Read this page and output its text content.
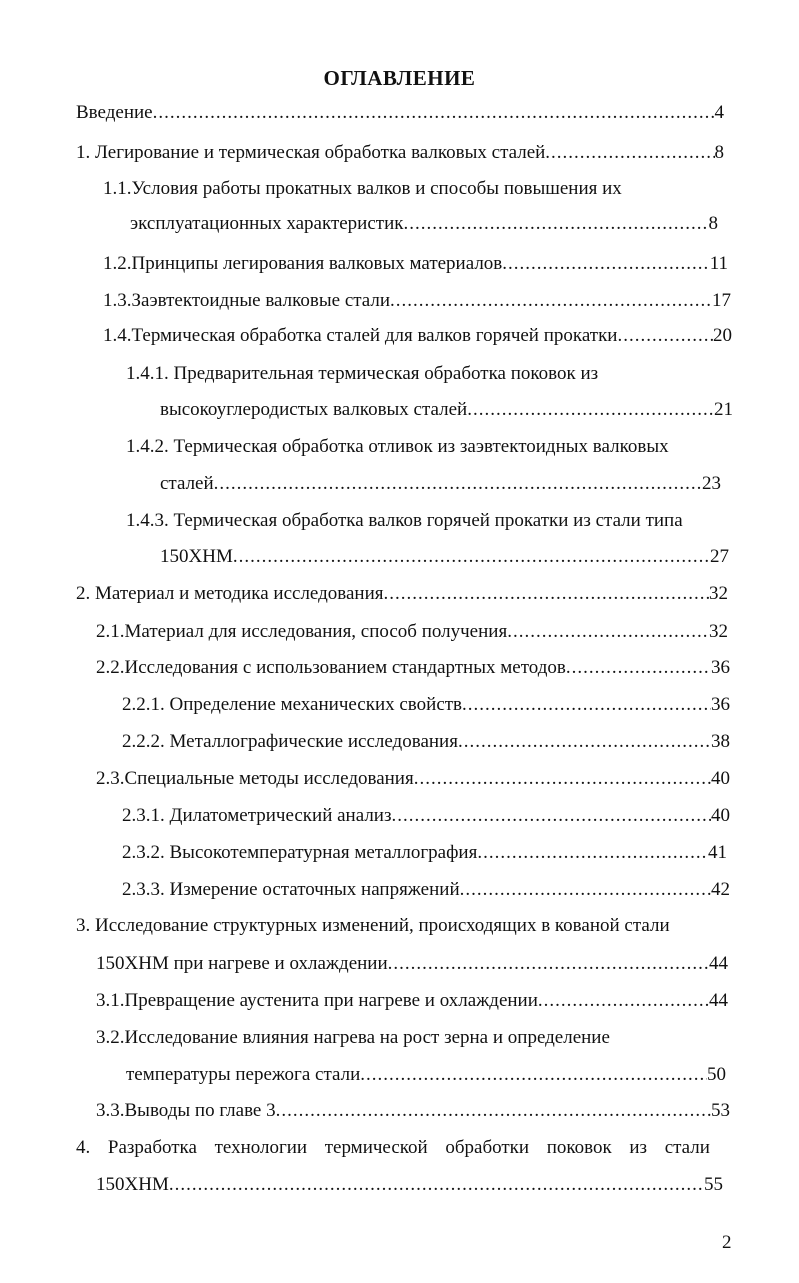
ОГЛАВЛЕНИЕ
Введение .....	4
1. Легирование и термическая обработка валковых сталей .....	8
1.1.Условия работы прокатных валков и способы повышения их
эксплуатационных характеристик .....	8
1.2.Принципы легирования валковых материалов .....	11
1.3.Заэвтектоидные валковые стали .....	17
1.4.Термическая обработка сталей для валков горячей прокатки .....	20
1.4.1. Предварительная термическая обработка поковок из
высокоуглеродистых валковых сталей .....	21
1.4.2. Термическая обработка отливок из заэвтектоидных валковых
сталей .....	23
1.4.3. Термическая обработка валков горячей прокатки из стали типа
150ХНМ .....	27
2. Материал и методика исследования .....	32
2.1.Материал для исследования, способ получения .....	32
2.2.Исследования с использованием стандартных методов .....	36
2.2.1. Определение механических свойств .....	36
2.2.2. Металлографические исследования .....	38
2.3.Специальные методы исследования .....	40
2.3.1. Дилатометрический анализ .....	40
2.3.2. Высокотемпературная металлография .....	41
2.3.3. Измерение остаточных напряжений .....	42
3. Исследование структурных изменений, происходящих в кованой стали
150ХНМ при нагреве и охлаждении .....	44
3.1.Превращение аустенита при нагреве и охлаждении .....	44
3.2.Исследование влияния нагрева на рост зерна и определение
температуры пережога стали .....	50
3.3.Выводы по главе 3 .....	53
4. Разработка технологии термической обработки поковок из стали
150ХНМ .....	55
2
